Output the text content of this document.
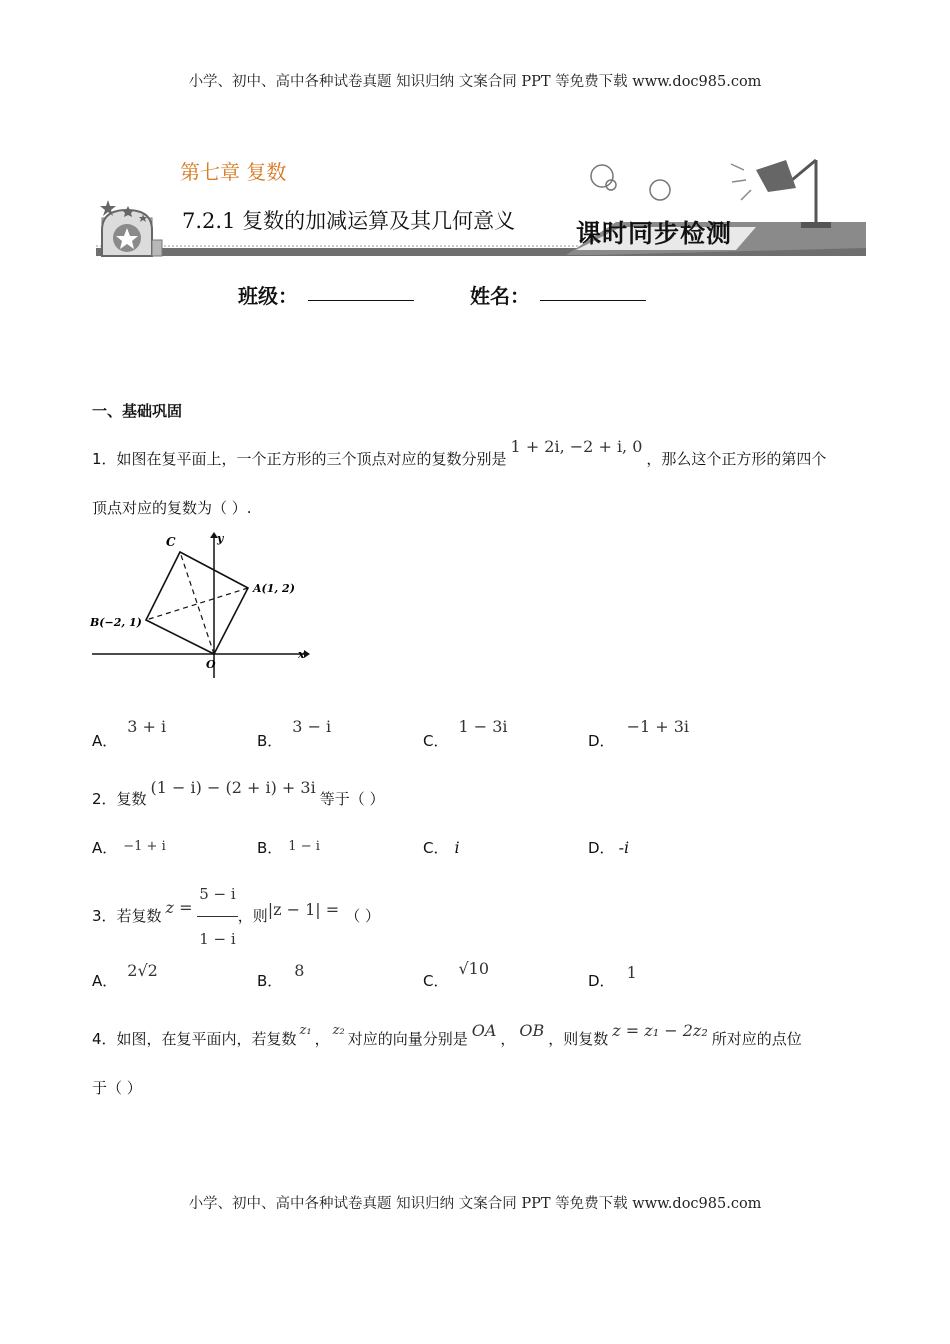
小学、初中、高中各种试卷真题 知识归纳 文案合同 PPT 等免费下载 www.doc985.com
第七章 复数
7.2.1 复数的加减运算及其几何意义 课时同步检测
班级：	姓名：
一、基础巩固
1．如图在复平面上，一个正方形的三个顶点对应的复数分别是1 + 2i, −2 + i, 0，那么这个正方形的第四个
顶点对应的复数为（ ）.
C	y
A(1, 2)
B(−2, 1)
O
x
A．3 + i
B．3 − i
C．1 − 3i
D．−1 + 3i
2．复数(1 − i) − (2 + i) + 3i等于（ ）
A． −1 + i	B． 1 − i	C． i	D． -i
3．若复数 $z = \frac{5 - i}{1 - i}$ ，则|z − 1| = （ ）
A．2√2
B．8
C．√10
D． 1
4．如图，在复平面内，若复数 z₁ ， z₂ 对应的向量分别是 OA ， OB ，则复数 z = z₁ − 2z₂ 所对应的点位
于（ ）
小学、初中、高中各种试卷真题 知识归纳 文案合同 PPT 等免费下载 www.doc985.com
